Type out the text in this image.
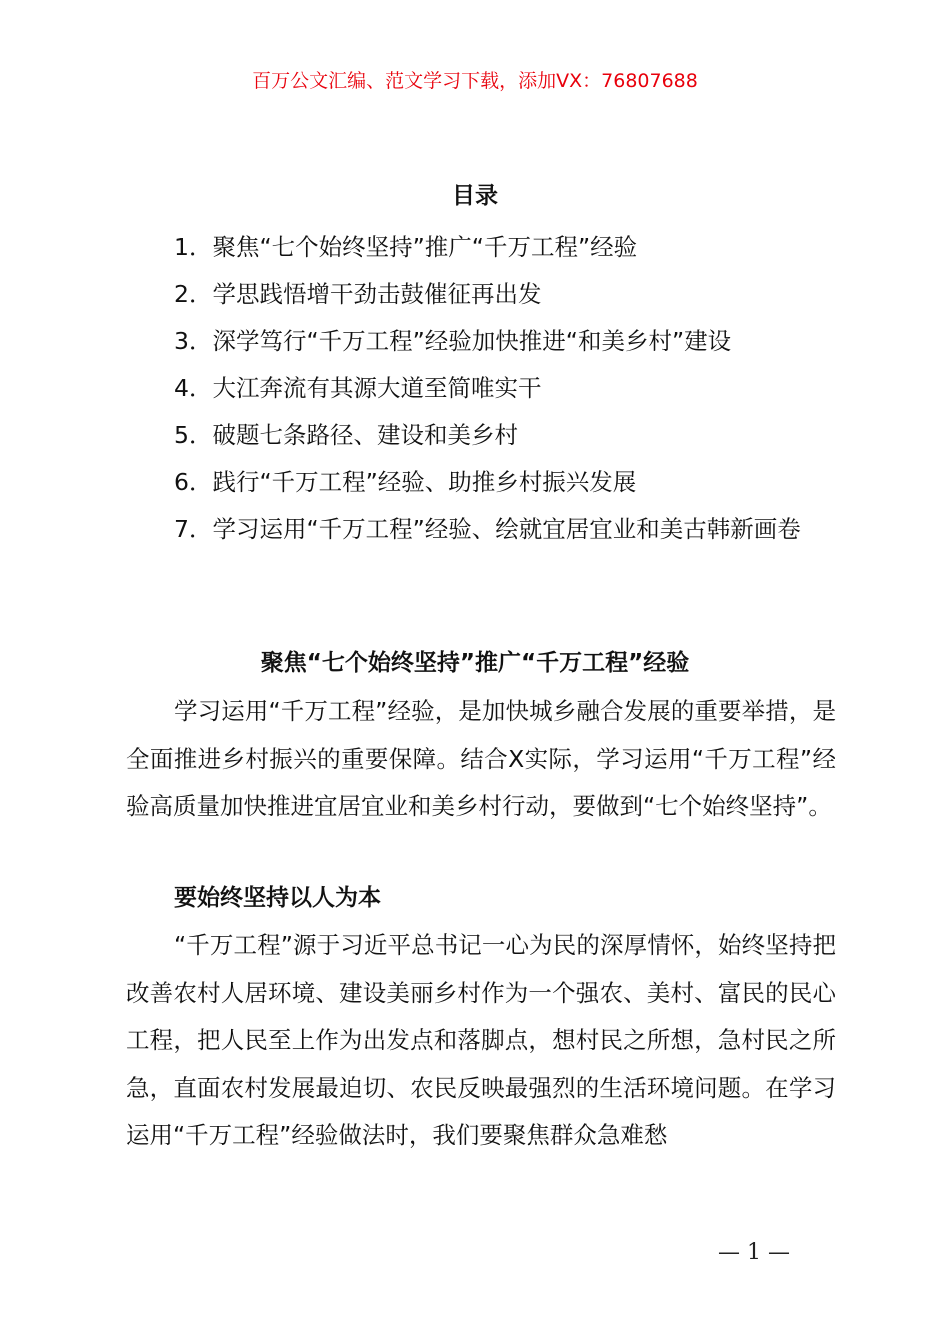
百万公文汇编、范文学习下载，添加VX：76807688
目录
1．聚焦“七个始终坚持”推广“千万工程”经验
2．学思践悟增干劲击鼓催征再出发
3．深学笃行“千万工程”经验加快推进“和美乡村”建设
4．大江奔流有其源大道至简唯实干
5．破题七条路径、建设和美乡村
6．践行“千万工程”经验、助推乡村振兴发展
7．学习运用“千万工程”经验、绘就宜居宜业和美古韩新画卷
聚焦“七个始终坚持”推广“千万工程”经验

学习运用“千万工程”经验，是加快城乡融合发展的重要举措，是全面推进乡村振兴的重要保障。结合X实际，学习运用“千万工程”经验高质量加快推进宜居宜业和美乡村行动，要做到“七个始终坚持”。

要始终坚持以人为本

“千万工程”源于习近平总书记一心为民的深厚情怀，始终坚持把改善农村人居环境、建设美丽乡村作为一个强农、美村、富民的民心工程，把人民至上作为出发点和落脚点，想村民之所想，急村民之所急，直面农村发展最迫切、农民反映最强烈的生活环境问题。在学习运用“千万工程”经验做法时，我们要聚焦群众急难愁

— 1 —
